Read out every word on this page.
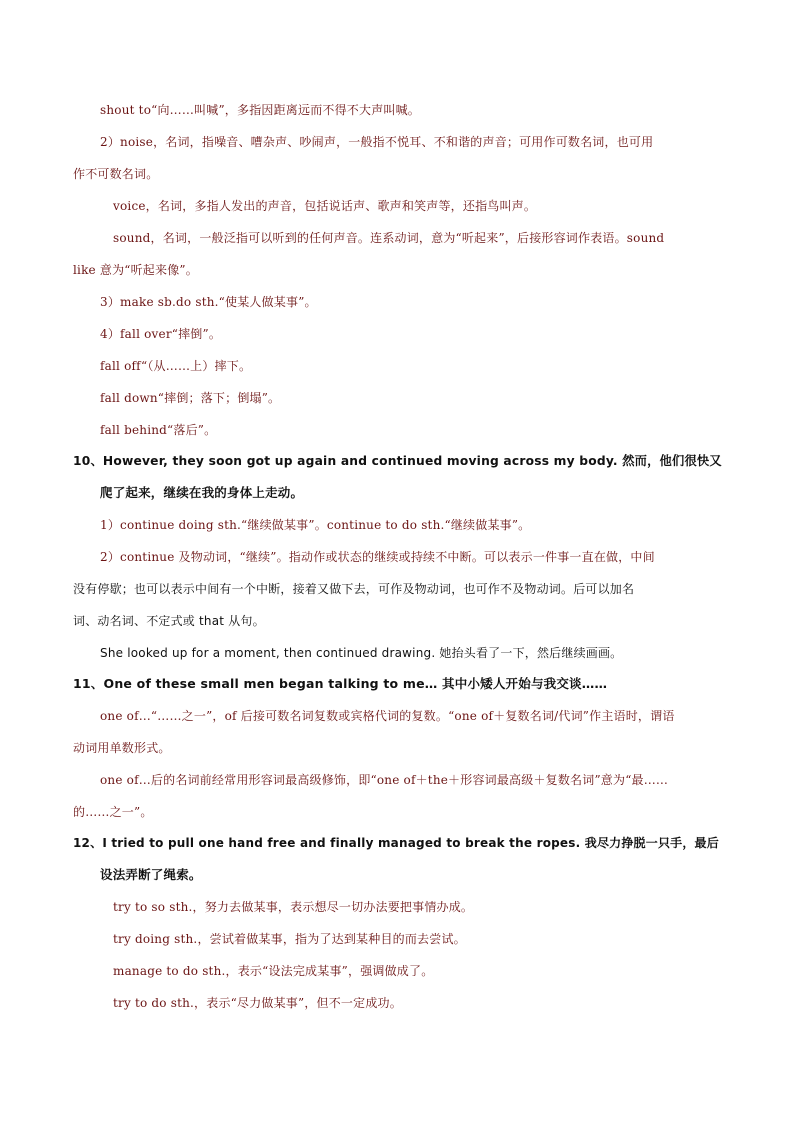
shout to“向……叫喊”，多指因距离远而不得不大声叫喊。
2）noise，名词，指噪音、嘈杂声、吵闹声，一般指不悦耳、不和谐的声音；可用作可数名词，也可用
作不可数名词。
voice，名词，多指人发出的声音，包括说话声、歌声和笑声等，还指鸟叫声。
sound，名词，一般泛指可以听到的任何声音。连系动词，意为“听起来”，后接形容词作表语。sound
like 意为“听起来像”。
3）make sb.do sth.“使某人做某事”。
4）fall over“摔倒”。
fall off“（从……上）摔下。
fall down“摔倒；落下；倒塌”。
fall behind“落后”。
10、However, they soon got up again and continued moving across my body. 然而，他们很快又
爬了起来，继续在我的身体上走动。
1）continue doing sth.“继续做某事”。continue to do sth.“继续做某事”。
2）continue 及物动词，“继续”。指动作或状态的继续或持续不中断。可以表示一件事一直在做，中间
没有停歇；也可以表示中间有一个中断，接着又做下去，可作及物动词，也可作不及物动词。后可以加名
词、动名词、不定式或 that 从句。
She looked up for a moment, then continued drawing. 她抬头看了一下，然后继续画画。
11、One of these small men began talking to me… 其中小矮人开始与我交谈……
one of…“……之一”，of 后接可数名词复数或宾格代词的复数。“one of＋复数名词/代词”作主语时，谓语
动词用单数形式。
one of…后的名词前经常用形容词最高级修饰，即“one of＋the＋形容词最高级＋复数名词”意为“最……
的……之一”。
12、I tried to pull one hand free and finally managed to break the ropes. 我尽力挣脱一只手，最后
设法弄断了绳索。
try to so sth.，努力去做某事，表示想尽一切办法要把事情办成。
try doing sth.，尝试着做某事，指为了达到某种目的而去尝试。
manage to do sth.，表示“设法完成某事”，强调做成了。
try to do sth.，表示“尽力做某事”，但不一定成功。
